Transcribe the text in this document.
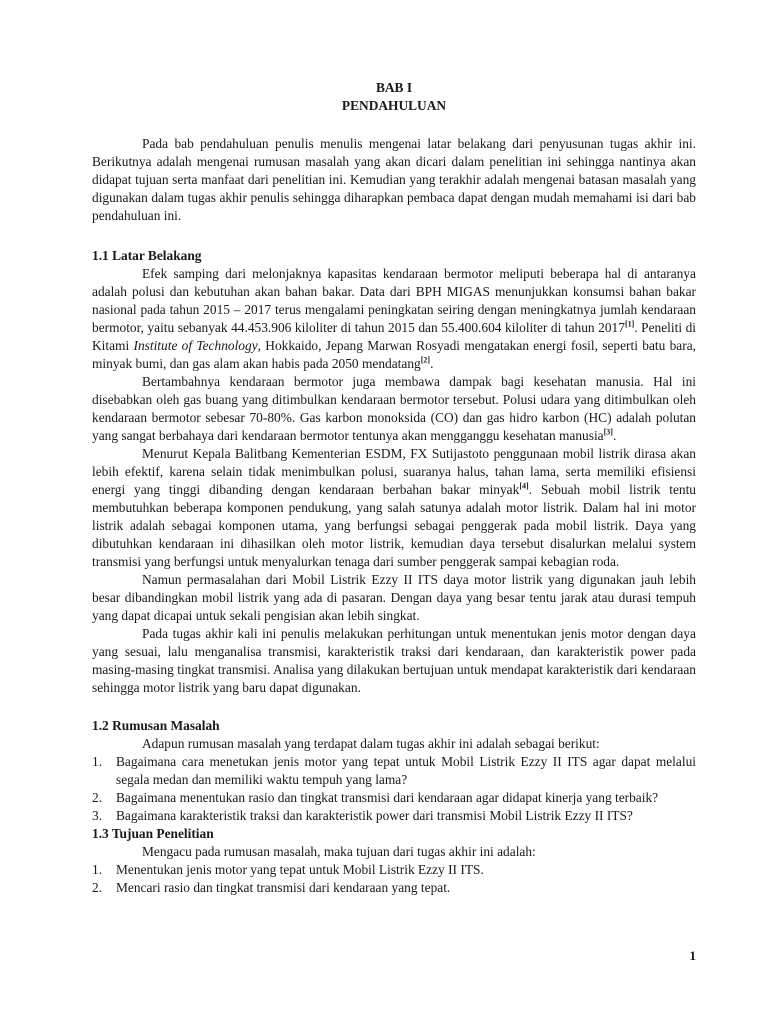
BAB I
PENDAHULUAN

Pada bab pendahuluan penulis menulis mengenai latar belakang dari penyusunan tugas akhir ini. Berikutnya adalah mengenai rumusan masalah yang akan dicari dalam penelitian ini sehingga nantinya akan didapat tujuan serta manfaat dari penelitian ini. Kemudian yang terakhir adalah mengenai batasan masalah yang digunakan dalam tugas akhir penulis sehingga diharapkan pembaca dapat dengan mudah memahami isi dari bab pendahuluan ini.

1.1 Latar Belakang

Efek samping dari melonjaknya kapasitas kendaraan bermotor meliputi beberapa hal di antaranya adalah polusi dan kebutuhan akan bahan bakar. Data dari BPH MIGAS menunjukkan konsumsi bahan bakar nasional pada tahun 2015 – 2017 terus mengalami peningkatan seiring dengan meningkatnya jumlah kendaraan bermotor, yaitu sebanyak 44.453.906 kiloliter di tahun 2015 dan 55.400.604 kiloliter di tahun 2017[1]. Peneliti di Kitami Institute of Technology, Hokkaido, Jepang Marwan Rosyadi mengatakan energi fosil, seperti batu bara, minyak bumi, dan gas alam akan habis pada 2050 mendatang[2].

Bertambahnya kendaraan bermotor juga membawa dampak bagi kesehatan manusia. Hal ini disebabkan oleh gas buang yang ditimbulkan kendaraan bermotor tersebut. Polusi udara yang ditimbulkan oleh kendaraan bermotor sebesar 70-80%. Gas karbon monoksida (CO) dan gas hidro karbon (HC) adalah polutan yang sangat berbahaya dari kendaraan bermotor tentunya akan mengganggu kesehatan manusia[3].

Menurut Kepala Balitbang Kementerian ESDM, FX Sutijastoto penggunaan mobil listrik dirasa akan lebih efektif, karena selain tidak menimbulkan polusi, suaranya halus, tahan lama, serta memiliki efisiensi energi yang tinggi dibanding dengan kendaraan berbahan bakar minyak[4]. Sebuah mobil listrik tentu membutuhkan beberapa komponen pendukung, yang salah satunya adalah motor listrik. Dalam hal ini motor listrik adalah sebagai komponen utama, yang berfungsi sebagai penggerak pada mobil listrik. Daya yang dibutuhkan kendaraan ini dihasilkan oleh motor listrik, kemudian daya tersebut disalurkan melalui system transmisi yang berfungsi untuk menyalurkan tenaga dari sumber penggerak sampai kebagian roda.

Namun permasalahan dari Mobil Listrik Ezzy II ITS daya motor listrik yang digunakan jauh lebih besar dibandingkan mobil listrik yang ada di pasaran. Dengan daya yang besar tentu jarak atau durasi tempuh yang dapat dicapai untuk sekali pengisian akan lebih singkat.

Pada tugas akhir kali ini penulis melakukan perhitungan untuk menentukan jenis motor dengan daya yang sesuai, lalu menganalisa transmisi, karakteristik traksi dari kendaraan, dan karakteristik power pada masing-masing tingkat transmisi. Analisa yang dilakukan bertujuan untuk mendapat karakteristik dari kendaraan sehingga motor listrik yang baru dapat digunakan.

1.2 Rumusan Masalah

Adapun rumusan masalah yang terdapat dalam tugas akhir ini adalah sebagai berikut:

1. Bagaimana cara menetukan jenis motor yang tepat untuk Mobil Listrik Ezzy II ITS agar dapat melalui segala medan dan memiliki waktu tempuh yang lama?
2. Bagaimana menentukan rasio dan tingkat transmisi dari kendaraan agar didapat kinerja yang terbaik?
3. Bagaimana karakteristik traksi dan karakteristik power dari transmisi Mobil Listrik Ezzy II ITS?
1.3 Tujuan Penelitian

Mengacu pada rumusan masalah, maka tujuan dari tugas akhir ini adalah:

1. Menentukan jenis motor yang tepat untuk Mobil Listrik Ezzy II ITS.
2. Mencari rasio dan tingkat transmisi dari kendaraan yang tepat.
1
